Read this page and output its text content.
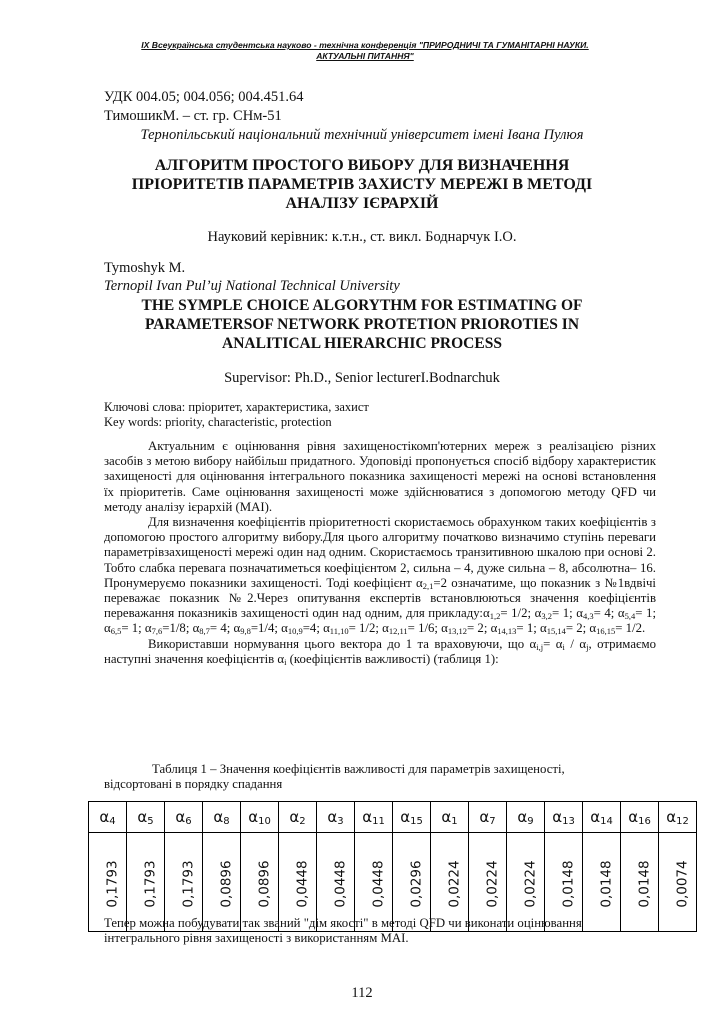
IX Всеукраїнська студентська науково - технічна конференція "ПРИРОДНИЧІ ТА ГУМАНІТАРНІ НАУКИ.
АКТУАЛЬНІ ПИТАННЯ"
УДК 004.05; 004.056; 004.451.64
ТимошикМ. – ст. гр. СНм-51
Тернопільський національний технічний університет імені Івана Пулюя
АЛГОРИТМ ПРОСТОГО ВИБОРУ ДЛЯ ВИЗНАЧЕННЯ
ПРІОРИТЕТІВ ПАРАМЕТРІВ ЗАХИСТУ МЕРЕЖІ В МЕТОДІ
АНАЛІЗУ ІЄРАРХІЙ
Науковий керівник: к.т.н., ст. викл. Боднарчук І.О.
Tymoshyk M.
Ternopil Ivan Pul’uj National Technical University
THE SYMPLE CHOICE ALGORYTHM FOR ESTIMATING OF
PARAMETERSOF NETWORK PROTETION PRIOROTIES IN
ANALITICAL HIERARCHIC PROCESS
Supervisor: Ph.D., Senior lecturerI.Bodnarchuk
Ключові слова: пріоритет, характеристика, захист
Key words: priority, characteristic, protection

Актуальним є оцінювання рівня захищеностікомп'ютерних мереж з реалізацією різних засобів з метою вибору найбільш придатного. Удоповіді пропонується спосіб відбору характеристик захищеності для оцінювання інтегрального показника захищеності мережі на основі встановлення їх пріоритетів. Саме оцінювання захищеності може здійснюватися з допомогою методу QFD чи методу аналізу ієрархій (МАІ).

Для визначення коефіцієнтів пріоритетності скористаємось обрахунком таких коефіцієнтів з допомогою простого алгоритму вибору.Для цього алгоритму початково визначимо ступінь переваги параметрівзахищеності мережі один над одним. Скористаємось транзитивною шкалою при основі 2. Тобто слабка перевага позначатиметься коефіцієнтом 2, сильна – 4, дуже сильна – 8, абсолютна– 16. Пронумеруємо показники захищеності. Тоді коефіцієнт $\alpha_{2,1}=2$ означатиме, що показник з №1вдвічі переважає показник №2.Через опитування експертів встановлюються значення коефіцієнтів переважання показників захищеності один над одним, для $прикладу:\alpha_{1,2}= 1/2$; $\alpha_{3,2}= 1$; $\alpha_{4,3}= 4$; $\alpha_{5,4}= 1$; $\alpha_{6,5}= 1$; $\alpha_{7,6}=1/8$; $\alpha_{8,7}= 4$; $\alpha_{9,8}=1/4$; $\alpha_{10,9}=4$; $\alpha_{11,10}= 1/2$; $\alpha_{12,11}= 1/6$; $\alpha_{13,12}= 2$; $\alpha_{14,13}= 1$; $\alpha_{15,14}= 2$; $\alpha_{16,15}= 1/2$.

Використавши нормування цього вектора до 1 та враховуючи, що $\alpha_{i,j}= \alpha_i / \alpha_j$, отримаємо наступні значення коефіцієнтів $\alpha_i$ (коефіцієнтів важливості) (таблиця 1):

Таблиця 1 – Значення коефіцієнтів важливості для параметрів захищеності,
відсортовані в порядку спадання
$\alpha_4$	$\alpha_5$	$\alpha_6$	$\alpha_8$	$\alpha_{10}$	$\alpha_2$	$\alpha_3$	$\alpha_{11}$	$\alpha_{15}$	$\alpha_1$	$\alpha_7$	$\alpha_9$	$\alpha_{13}$	$\alpha_{14}$	$\alpha_{16}$	$\alpha_{12}$
0,1793	0,1793	0,1793	0,0896	0,0896	0,0448	0,0448	0,0448	0,0296	0,0224	0,0224	0,0224	0,0148	0,0148	0,0148	0,0074
Тепер можна побудувати так званий "дім якості" в методі QFD чи виконати оцінювання
інтегрального рівня захищеності з використанням МАІ.
112
